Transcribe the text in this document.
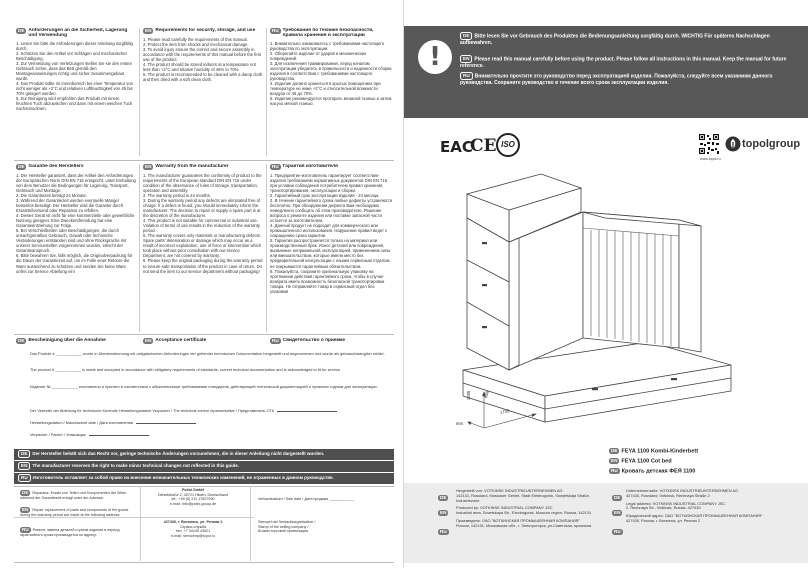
DE Anforderungen an die Sicherheit, Lagerung und Verwendung
1. Lesen Sie bitte die Anforderungen dieser Anleitung sorgfältig durch.
2. Schützen Sie den Artikel vor Schlägen und mechanischer Beschädigung.
3. Zur Vermeidung von Verletzungen stellen Sie sie den ersten Gebrauch sicher, dass das Bett gemäß den Montageanweisungen richtig und sicher zusammengebaut wurde.
4. Das Produkt sollte im Innenbereich bei einer Temperatur von nicht weniger als +2°C und relativen Luftfeuchtigkeit von 45 bis 70% gelagert werden.
5. Zur Reinigung wird empfohlen das Produkt mit einem feuchten Tuch abzuwischen und dann mit einem weichen Tuch nachzutrocknen.
EN Requirements for security, storage, and use
1. Please read carefully the requirements of this manual.
2. Protect the item from shocks and mechanical damage.
3. To avoid injury ensure the correct and secure assembly in accordance with the requirements of this manual before the first use of the product.
4. The product should be stored indoors at a temperature not less than +2°C and relative humidity of 45% to 70%.
5. The product is recommended to be cleaned with a damp cloth and then dried with a soft clean cloth.
RU Требования по технике безопасности, правила хранения и эксплуатации
1. Внимательно ознакомьтесь с требованиями настоящего руководства по эксплуатации.
2. Оберегайте изделие от ударов и механических повреждений.
3. Для исключения травмирования, перед началом эксплуатации убедитесь в правильности и надежности сборки изделия в соответствии с требованиями настоящего руководства.
4. Изделие должно храниться в крытых помещениях при температуре не ниже +2°С и относительной влажности воздуха от 45 до 70%.
5. Изделие рекомендуется протирать влажной тканью и затем насухо мягкой тканью.
DE Garantie des Herstellers
1. Der Hersteller garantiert, dass der Artikel den Anforderungen der Europäischen Norm DIN EN 716 entspricht, unter Einhaltung von dem Benutzer die Bedingungen für Lagerung, Transport, Gebrauch und Montage.
2. Die Garantiezeit beträgt 24 Monate.
3. Während der Garantiezeit werden eventuelle Mängel kostenlos beseitigt. Der Hersteller wird die Garantie durch Ersatzteilversand oder Reparatur zu erfüllen.
4. Dieses Gerät ist nicht für eine kommerzielle oder gewerbliche Nutzung geeignet. Eine Zweckentfremdung hat eine Garantieentziehung zur Folge.
5. Bei Verschleißteilen oder Beschädigungen, die durch unsachgemäßen Gebrauch, Gewalt oder technische Veränderungen entstanden sind und ohne Rücksprache mit unserer Servicestellen vorgenommen wurden, erlischt der Garantieanspruch.
6. Bitte bewahren Sie, falls möglich, die Originalverpackung für die Dauer der Garantiezeit auf, um im Falle einer Retoure die Ware ausreichend zu schützen und senden Sie keine Ware unfrei zur Service Abteilung ein!
EN Warranty from the manufacturer
1. The manufacturer guarantees the conformity of product to the requirements of the European standard DIN EN 716 under condition of the observance of rules of storage, transportation, operation and assembly.
2. The warranty period is 24 months.
3. During the warranty period any defects are eliminated free of charge. If a defect is found, you should immediately inform the manufacturer. The decision to repair or supply a spare part is at the discretion of the manufacturer.
4. This product is not suitable for commercial or industrial use. Violation of terms of use results in the reduction of the warranty period.
5. The warranty covers only materials or manufacturing defects. Spare parts' deterioration or damage which may occur as a result of incorrect exploitation, use of force or intervention which took place without prior consultation with our service Department, are not covered by warranty.
6. Please keep the original packaging during the warranty period to ensure safe transportation of the product in case of return. Do not send the item to our service department without packaging!
RU Гарантия изготовителя
1. Предприятие-изготовитель гарантирует соответствие изделия требованиям нормативных документов DIN EN 716 при условии соблюдения потребителем правил хранения, транспортирования, эксплуатации и сборки.
2. Гарантийный срок эксплуатации изделия - 24 месяца.
3. В течение гарантийного срока любые дефекты устраняются бесплатно. При обнаружении дефекта Вам необходимо немедленно сообщить об этом производителю. Решение вопроса о ремонте изделия или поставке запасной части остается за изготовителем.
4. Данный продукт не подходит для коммерческого или промышленного использования. Нарушение правил ведет к сокращению срока гарантии.
5. Гарантия распространяется только на материал или производственный брак. Износ деталей или повреждения, вызванные неправильной эксплуатацией, применением силы или вмешательством, которые имели место без предварительной консультации с нашим сервисным отделом, не покрываются гарантийным обязательством.
6. Пожалуйста, сохраните оригинальную упаковку на протяжении действия гарантийного срока, чтобы в случае возврата иметь возможность безопасной транспортировки товара. Не отправляйте товар в сервисный отдел без упаковки!
DE Bescheinigung über die Annahme	EN Acceptance certificate	RU Свидетельство о приемке
Das Produkt # ____________ wurde in Übereinstimmung mit obligatorischen Anforderungen der geltender technischen Dokumentation hergestellt und angenommen und wurde als gebrauchstauglich erklärt.
The product # ____________ is made and accepted in accordance with obligatory requirements of standards, current technical documentation and is acknowledged to fit for service.
Изделие № ____________ изготовлено и принято в соответствии с обязательными требованиями стандартов, действующей технической документацией и признано годным для эксплуатации.
Der Vertreter der Abteilung für technische Kontrolle Herstellungsdatum Verpacker / The technical control representative / Представитель ОТК
Herstellungsdatum / Manufacture date / Дата изготовления
Verpacker / Packer / Упаковщик
DE Der Hersteller behält sich das Recht vor, geringe technische Änderungen vorzunehmen, die in dieser Anleitung nicht dargestellt wurden.
EN The manufacturer reserves the right to make minor technical changes not reflected in this guide.
RU Изготовитель оставляет за собой право на внесение незначительных технических изменений, не отраженных в данном руководстве.
DE Reparatur, Ersatz von Teilen und Komponenten der Ware, während der Garantiezeit erfolgt unter der Adresse:
EN Repair, replacement of parts and components of the goods during the warranty period are made at the following address:
RU Ремонт, замена деталей и узлов изделия в период гарантийного срока производится по адресу:
Polini GmbH
Dieselstraße 2, 40721 Hilden, Deutschland
tel.: +49 (0) 211 17607990
e-mail: info@polini-group.de
427430, г. Воткинск, ул. Речная 2
Сервис-служба
тел: +7 34145 43621
e-mail: servicenp@topol.ru
Verkaufsdatum / Sale date / Дата продажи ____________
Stempel der Verkaufsorganisation /
Stamp of the selling company /
Штамп торговой организации
!
DE Bitte lesen Sie vor Gebrauch des Produktes die Bedienungsanleitung sorgfältig durch. WICHTIG Für späteres Nachschlagen aufbewahren.
EN Please read this manual carefully before using the product. Please follow all instructions in this manual. Keep the manual for future reference.
RU Внимательно прочтите это руководство перед эксплуатацией изделия. Пожалуйста, следуйте всем указаниям данного руководства. Сохраните руководство в течение всего срока эксплуатации изделия.
EAC
CE ISO
www.topol.ru
topolgroup
1085	638
1732
mm
DE FEYA 1100 Kombi-Kinderbett
EN FEYA 1100 Cot bed
RU Кровать детская ФЕЯ 1100
DE
EN
RU
DE
EN
RU
Hergestellt von: VOTKINSK INDUSTRIEUNTERNEHMEN AG
142131, Russland, Moskauer Gebiet, Stadt Elektrogorsk, Sowjetskaja Straße, Industriezone
Produced by: VOTKINSK INDUSTRIAL COMPANY JSC
Industrial area, Sovetskaya Str., Electrogorsk, Moscow region, Russia, 142131
Произведено: ОАО "ВОТКИНСКАЯ ПРОМЫШЛЕННАЯ КОМПАНИЯ"
Россия, 142131, Московская обл., г. Электрогорск, ул.Советская, промзона
Unternehmenssitz: VOTKINSK INDUSTRIEUNTERNEHMEN AG
427430, Russland, Votkinsk, Rechnaya Straße 2
Legal address: VOTKINSK INDUSTRIAL COMPANY JSC
2, Rechnaya Str., Votkinsk, Russia, 427430
Юридический адрес: ОАО "ВОТКИНСКАЯ ПРОМЫШЛЕННАЯ КОМПАНИЯ"
427430, Россия, г. Воткинск, ул. Речная 2
